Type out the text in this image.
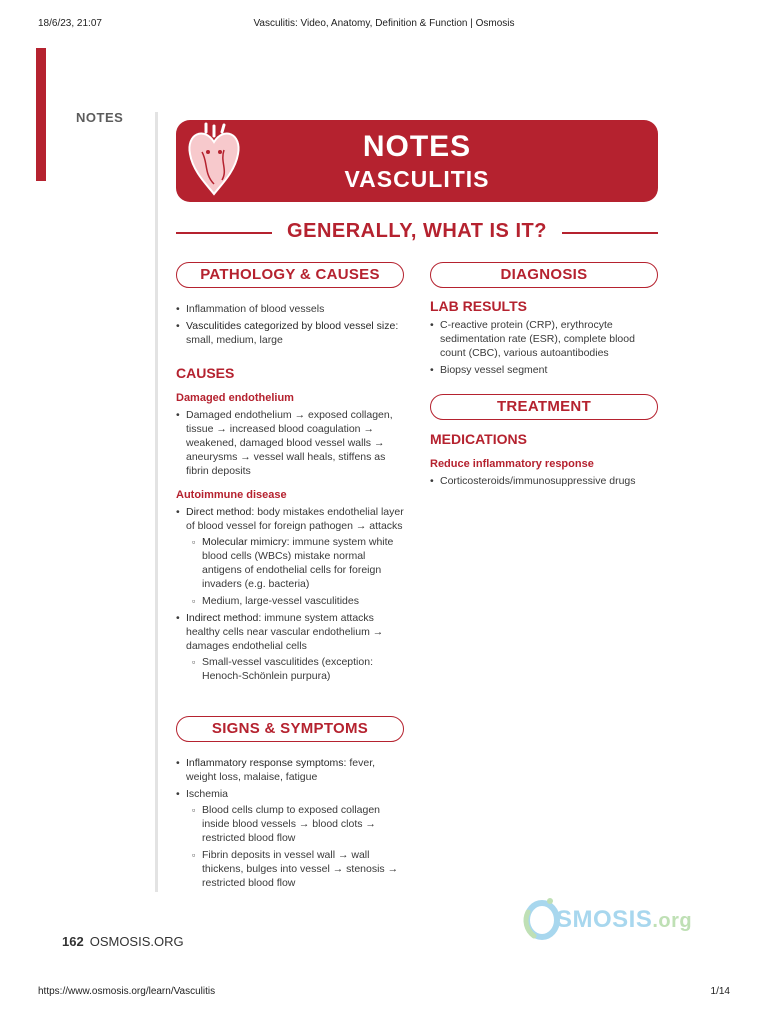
18/6/23, 21:07	Vasculitis: Video, Anatomy, Definition & Function | Osmosis
NOTES
NOTES
VASCULITIS
GENERALLY, WHAT IS IT?
PATHOLOGY & CAUSES
• Inflammation of blood vessels
• Vasculitides categorized by blood vessel size: small, medium, large
CAUSES
Damaged endothelium
• Damaged endothelium → exposed collagen, tissue → increased blood coagulation → weakened, damaged blood vessel walls → aneurysms → vessel wall heals, stiffens as fibrin deposits
Autoimmune disease
• Direct method: body mistakes endothelial layer of blood vessel for foreign pathogen → attacks
▫ Molecular mimicry: immune system white blood cells (WBCs) mistake normal antigens of endothelial cells for foreign invaders (e.g. bacteria)
▫ Medium, large-vessel vasculitides
• Indirect method: immune system attacks healthy cells near vascular endothelium → damages endothelial cells
▫ Small-vessel vasculitides (exception: Henoch-Schönlein purpura)
SIGNS & SYMPTOMS
• Inflammatory response symptoms: fever, weight loss, malaise, fatigue
• Ischemia
▫ Blood cells clump to exposed collagen inside blood vessels → blood clots → restricted blood flow
▫ Fibrin deposits in vessel wall → wall thickens, bulges into vessel → stenosis → restricted blood flow
DIAGNOSIS
LAB RESULTS
• C-reactive protein (CRP), erythrocyte sedimentation rate (ESR), complete blood count (CBC), various autoantibodies
• Biopsy vessel segment
TREATMENT
MEDICATIONS
Reduce inflammatory response
• Corticosteroids/immunosuppressive drugs
162 OSMOSIS.ORG
SMOSIS.org
https://www.osmosis.org/learn/Vasculitis	1/14
